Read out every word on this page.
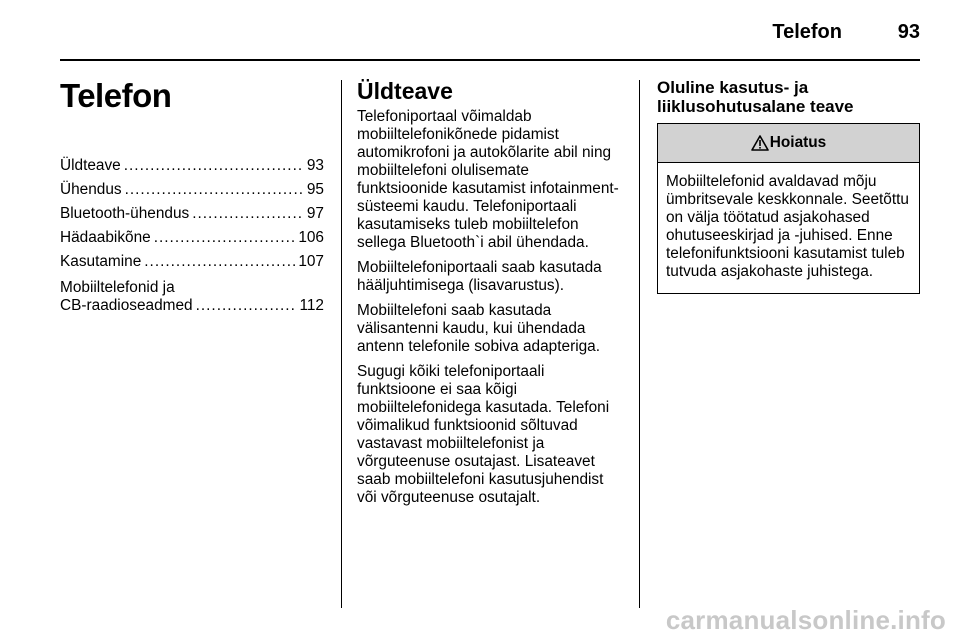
Telefon	93
Telefon
Üldteave .....	93
Ühendus .....	95
Bluetooth-ühendus .....	97
Hädaabikõne .....	106
Kasutamine .....	107
Mobiiltelefonid ja
CB-raadioseadmed .....	112
Üldteave

Telefoniportaal võimaldab mobiiltelefonikõnede pidamist automikrofoni ja autokõlarite abil ning mobiiltelefoni olulisemate funktsioonide kasutamist infotainment-süsteemi kaudu. Telefoniportaali kasutamiseks tuleb mobiiltelefon sellega Bluetooth`i abil ühendada.

Mobiiltelefoniportaali saab kasutada hääljuhtimisega (lisavarustus).

Mobiiltelefoni saab kasutada välisantenni kaudu, kui ühendada antenn telefonile sobiva adapteriga.

Sugugi kõiki telefoniportaali funktsioone ei saa kõigi mobiiltelefonidega kasutada. Telefoni võimalikud funktsioonid sõltuvad vastavast mobiiltelefonist ja võrguteenuse osutajast. Lisateavet saab mobiiltelefoni kasutusjuhendist või võrguteenuse osutajalt.

Oluline kasutus- ja liiklusohutusalane teave
Hoiatus
Mobiiltelefonid avaldavad mõju ümbritsevale keskkonnale. Seetõttu on välja töötatud asjakohased ohutuseeskirjad ja -juhised. Enne telefonifunktsiooni kasutamist tuleb tutvuda asjakohaste juhistega.
carmanualsonline.info
